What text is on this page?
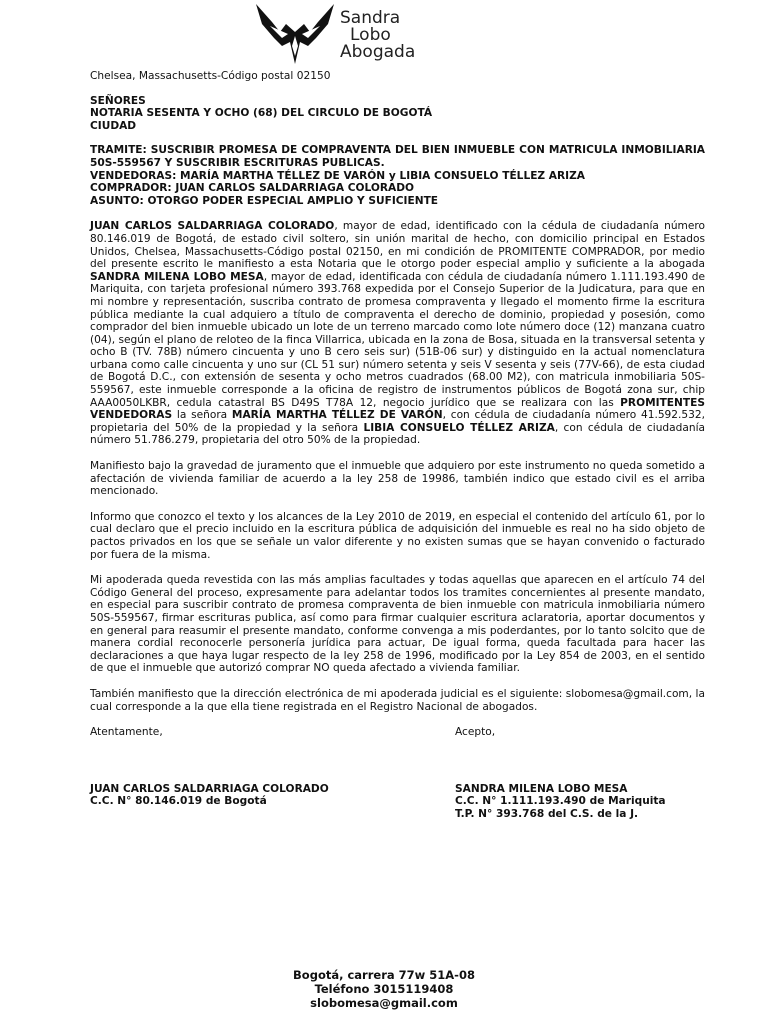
Sandra
Lobo
Abogada

Chelsea, Massachusetts-Código postal 02150

SEÑORES

NOTARIA SESENTA Y OCHO (68) DEL CIRCULO DE BOGOTÁ

CIUDAD

TRAMITE: SUSCRIBIR PROMESA DE COMPRAVENTA DEL BIEN INMUEBLE CON MATRICULA INMOBILIARIA 50S-559567 Y SUSCRIBIR ESCRITURAS PUBLICAS.

VENDEDORAS: MARÍA MARTHA TÉLLEZ DE VARÓN y LIBIA CONSUELO TÉLLEZ ARIZA

COMPRADOR: JUAN CARLOS SALDARRIAGA COLORADO

ASUNTO: OTORGO PODER ESPECIAL AMPLIO Y SUFICIENTE

JUAN CARLOS SALDARRIAGA COLORADO, mayor de edad, identificado con la cédula de ciudadanía número 80.146.019 de Bogotá, de estado civil soltero, sin unión marital de hecho, con domicilio principal en Estados Unidos, Chelsea, Massachusetts-Código postal 02150, en mi condición de PROMITENTE COMPRADOR, por medio del presente escrito le manifiesto a esta Notaria que le otorgo poder especial amplio y suficiente a la abogada SANDRA MILENA LOBO MESA, mayor de edad, identificada con cédula de ciudadanía número 1.111.193.490 de Mariquita, con tarjeta profesional número 393.768 expedida por el Consejo Superior de la Judicatura, para que en mi nombre y representación, suscriba contrato de promesa compraventa y llegado el momento firme la escritura pública mediante la cual adquiero a título de compraventa el derecho de dominio, propiedad y posesión, como comprador del bien inmueble ubicado un lote de un terreno marcado como lote número doce (12) manzana cuatro (04), según el plano de reloteo de la finca Villarrica, ubicada en la zona de Bosa, situada en la transversal setenta y ocho B (TV. 78B) número cincuenta y uno B cero seis sur) (51B-06 sur) y distinguido en la actual nomenclatura urbana como calle cincuenta y uno sur (CL 51 sur) número setenta y seis V sesenta y seis (77V-66), de esta ciudad de Bogotá D.C., con extensión de sesenta y ocho metros cuadrados (68.00 M2), con matricula inmobiliaria 50S-559567, este inmueble corresponde a la oficina de registro de instrumentos públicos de Bogotá zona sur, chip AAA0050LKBR, cedula catastral BS D49S T78A 12, negocio jurídico que se realizara con las PROMITENTES VENDEDORAS la señora MARÍA MARTHA TÉLLEZ DE VARÓN, con cédula de ciudadanía número 41.592.532, propietaria del 50% de la propiedad y la señora LIBIA CONSUELO TÉLLEZ ARIZA, con cédula de ciudadanía número 51.786.279, propietaria del otro 50% de la propiedad.

Manifiesto bajo la gravedad de juramento que el inmueble que adquiero por este instrumento no queda sometido a afectación de vivienda familiar de acuerdo a la ley 258 de 19986, también indico que estado civil es el arriba mencionado.

Informo que conozco el texto y los alcances de la Ley 2010 de 2019, en especial el contenido del artículo 61, por lo cual declaro que el precio incluido en la escritura pública de adquisición del inmueble es real no ha sido objeto de pactos privados en los que se señale un valor diferente y no existen sumas que se hayan convenido o facturado por fuera de la misma.

Mi apoderada queda revestida con las más amplias facultades y todas aquellas que aparecen en el artículo 74 del Código General del proceso, expresamente para adelantar todos los tramites concernientes al presente mandato, en especial para suscribir contrato de promesa compraventa de bien inmueble con matricula inmobiliaria número 50S-559567, firmar escrituras publica, así como para firmar cualquier escritura aclaratoria, aportar documentos y en general para reasumir el presente mandato, conforme convenga a mis poderdantes, por lo tanto solcito que de manera cordial reconocerle personería jurídica para actuar, De igual forma, queda facultada para hacer las declaraciones a que haya lugar respecto de la ley 258 de 1996, modificado por la Ley 854 de 2003, en el sentido de que el inmueble que autorizó comprar NO queda afectado a vivienda familiar.

También manifiesto que la dirección electrónica de mi apoderada judicial es el siguiente: slobomesa@gmail.com, la cual corresponde a la que ella tiene registrada en el Registro Nacional de abogados.

Atentamente,	Acepto,

JUAN CARLOS SALDARRIAGA COLORADO

C.C. N° 80.146.019 de Bogotá

SANDRA MILENA LOBO MESA

C.C. N° 1.111.193.490 de Mariquita

T.P. N° 393.768 del C.S. de la J.

Bogotá, carrera 77w 51A-08
Teléfono 3015119408
slobomesa@gmail.com
